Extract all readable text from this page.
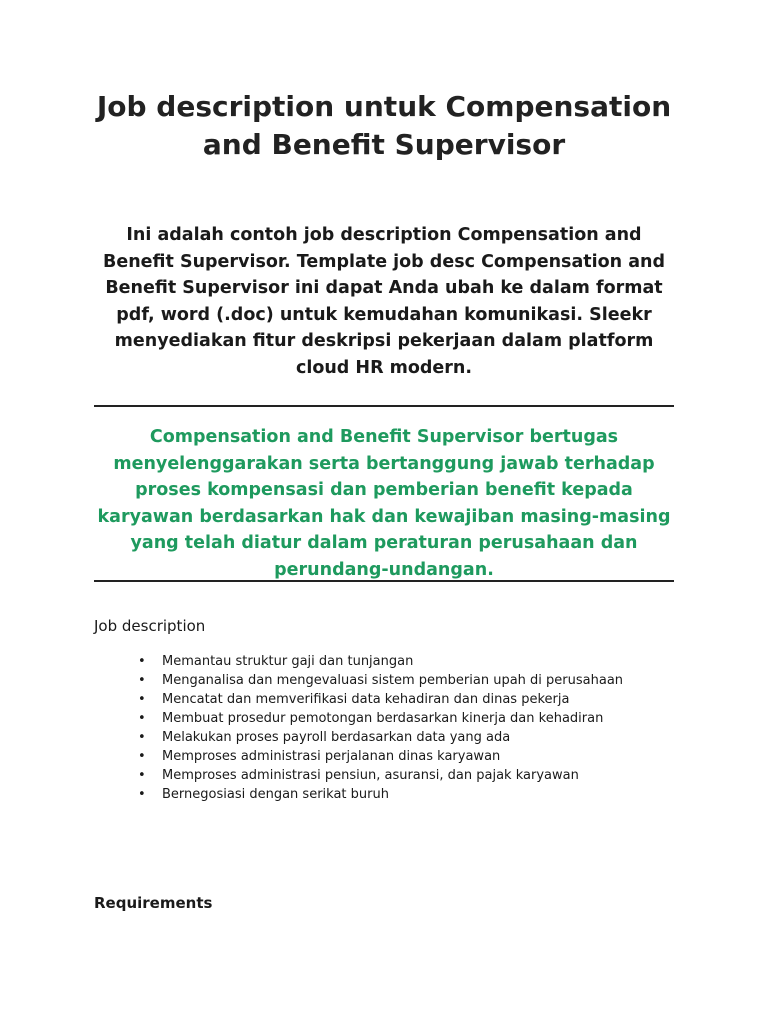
Job description untuk Compensation and Benefit Supervisor

Ini adalah contoh job description Compensation and Benefit Supervisor. Template job desc Compensation and Benefit Supervisor ini dapat Anda ubah ke dalam format pdf, word (.doc) untuk kemudahan komunikasi. Sleekr menyediakan fitur deskripsi pekerjaan dalam platform cloud HR modern.

Compensation and Benefit Supervisor bertugas menyelenggarakan serta bertanggung jawab terhadap proses kompensasi dan pemberian benefit kepada karyawan berdasarkan hak dan kewajiban masing-masing yang telah diatur dalam peraturan perusahaan dan perundang-undangan.

Job description
• Memantau struktur gaji dan tunjangan
• Menganalisa dan mengevaluasi sistem pemberian upah di perusahaan
• Mencatat dan memverifikasi data kehadiran dan dinas pekerja
• Membuat prosedur pemotongan berdasarkan kinerja dan kehadiran
• Melakukan proses payroll berdasarkan data yang ada
• Memproses administrasi perjalanan dinas karyawan
• Memproses administrasi pensiun, asuransi, dan pajak karyawan
• Bernegosiasi dengan serikat buruh
Requirements
